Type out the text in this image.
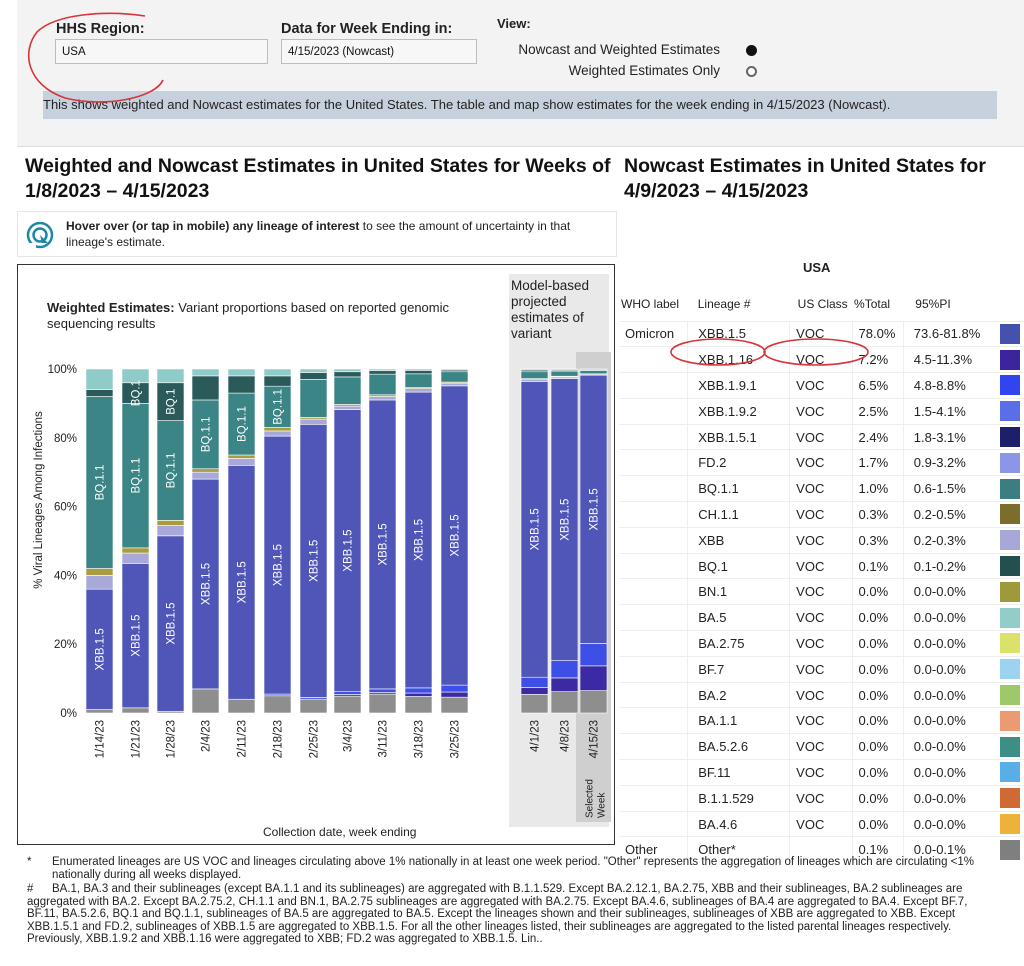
HHS Region:
USA
Data for Week Ending in:
4/15/2023 (Nowcast)
View:
Nowcast and Weighted Estimates
Weighted Estimates Only
This shows weighted and Nowcast estimates for the United States. The table and map show estimates for the week ending in 4/15/2023 (Nowcast).
Weighted and Nowcast Estimates in United States for Weeks of 1/8/2023 – 4/15/2023
Nowcast Estimates in United States for 4/9/2023 – 4/15/2023
Hover over (or tap in mobile) any lineage of interest to see the amount of uncertainty in that lineage's estimate.
Weighted Estimates: Variant proportions based on reported genomic sequencing results
Model-based projected estimates of variant
Collection date, week ending
0%
20%
40%
60%
80%
100%
% Viral Lineages Among Infections
1/14/23 1/21/23 1/28/23 2/4/23 2/11/23 2/18/23 2/25/23 3/4/23 3/11/23 3/18/23 3/25/23	4/1/23 4/8/23 4/15/23
SelectedWeek
XBB.1.5
BQ.1.1
XBB.1.5
BQ.1.1
BQ.1
XBB.1.5
BQ.1.1
BQ.1
XBB.1.5
BQ.1.1
XBB.1.5
BQ.1.1
XBB.1.5
BQ.1.1
XBB.1.5 XBB.1.5 XBB.1.5 XBB.1.5 XBB.1.5	XBB.1.5 XBB.1.5 XBB.1.5
USA
WHO label	Lineage #	US Class	%Total	95%PI	
Omicron	XBB.1.5	VOC	78.0%	73.6-81.8%	

	XBB.1.16	VOC	7.2%	4.5-11.3%	

	XBB.1.9.1	VOC	6.5%	4.8-8.8%	

	XBB.1.9.2	VOC	2.5%	1.5-4.1%	

	XBB.1.5.1	VOC	2.4%	1.8-3.1%	

	FD.2	VOC	1.7%	0.9-3.2%	

	BQ.1.1	VOC	1.0%	0.6-1.5%	

	CH.1.1	VOC	0.3%	0.2-0.5%	

	XBB	VOC	0.3%	0.2-0.3%	

	BQ.1	VOC	0.1%	0.1-0.2%	

	BN.1	VOC	0.0%	0.0-0.0%	

	BA.5	VOC	0.0%	0.0-0.0%	

	BA.2.75	VOC	0.0%	0.0-0.0%	

	BF.7	VOC	0.0%	0.0-0.0%	

	BA.2	VOC	0.0%	0.0-0.0%	

	BA.1.1	VOC	0.0%	0.0-0.0%	

	BA.5.2.6	VOC	0.0%	0.0-0.0%	

	BF.11	VOC	0.0%	0.0-0.0%	

	B.1.1.529	VOC	0.0%	0.0-0.0%	

	BA.4.6	VOC	0.0%	0.0-0.0%	

Other	Other*		0.1%	0.0-0.1%	
*	Enumerated lineages are US VOC and lineages circulating above 1% nationally in at least one week period. "Other" represents the aggregation of lineages which are circulating <1% nationally during all weeks displayed.
#	BA.1, BA.3 and their sublineages (except BA.1.1 and its sublineages) are aggregated with B.1.1.529. Except BA.2.12.1, BA.2.75, XBB and their sublineages, BA.2 sublineages are aggregated with BA.2. Except BA.2.75.2, CH.1.1 and BN.1, BA.2.75 sublineages are aggregated with BA.2.75. Except BA.4.6, sublineages of BA.4 are aggregated to BA.4. Except BF.7, BF.11, BA.5.2.6, BQ.1 and BQ.1.1, sublineages of BA.5 are aggregated to BA.5. Except the lineages shown and their sublineages, sublineages of XBB are aggregated to XBB. Except XBB.1.5.1 and FD.2, sublineages of XBB.1.5 are aggregated to XBB.1.5. For all the other lineages listed, their sublineages are aggregated to the listed parental lineages respectively. Previously, XBB.1.9.2 and XBB.1.16 were aggregated to XBB; FD.2 was aggregated to XBB.1.5. Lin..
